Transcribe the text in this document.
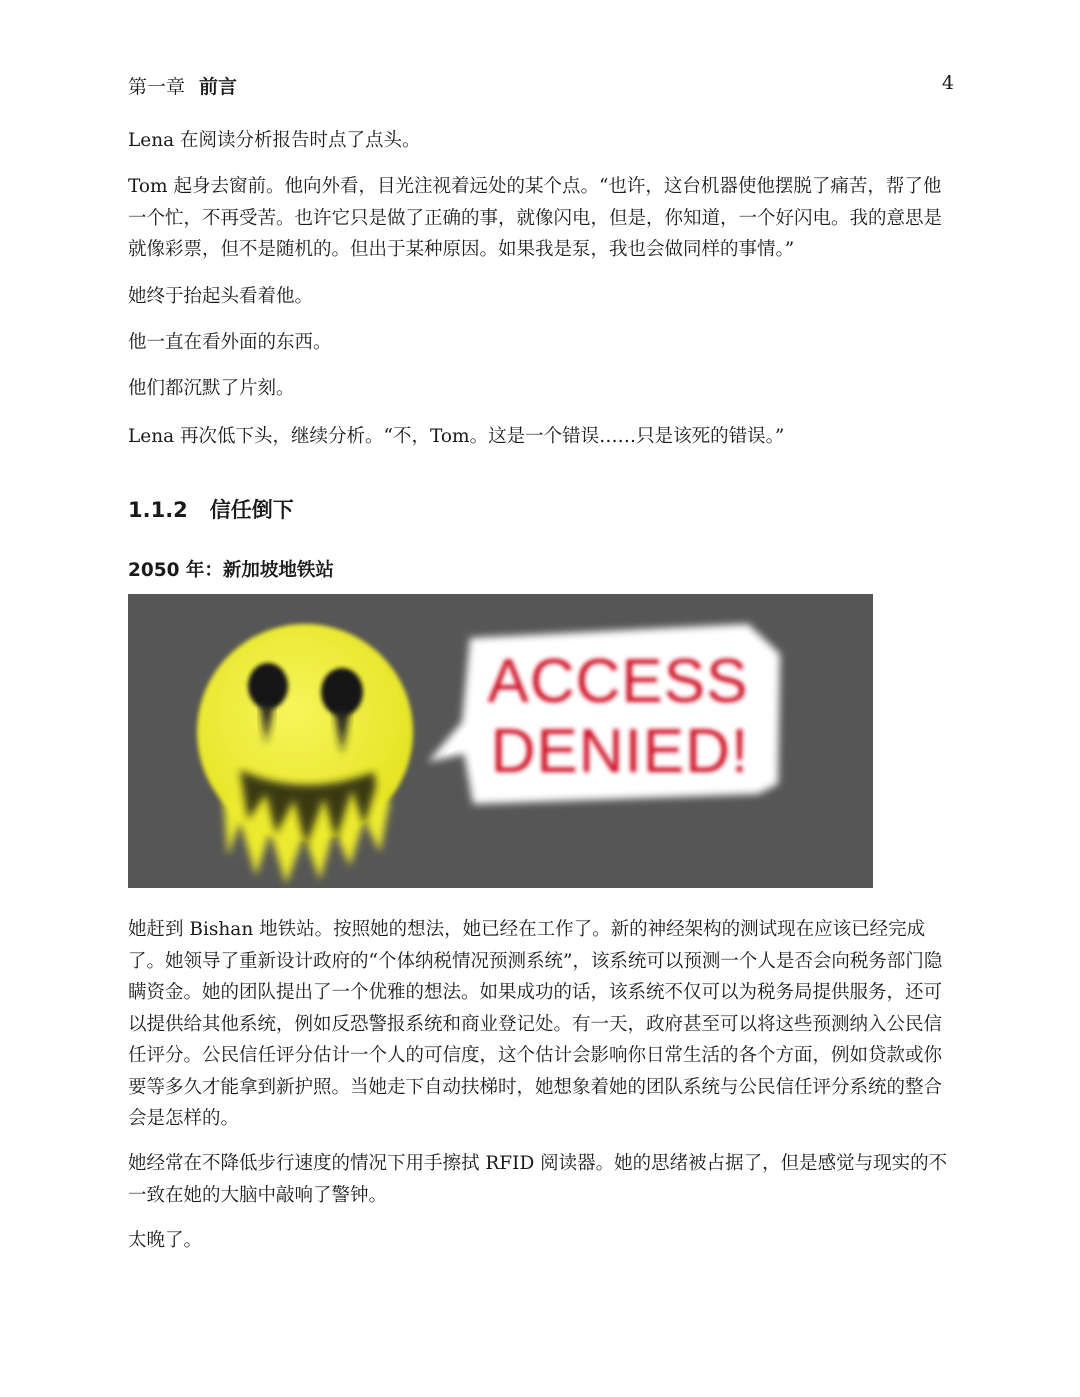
第一章 前言	4

Lena 在阅读分析报告时点了点头。

Tom 起身去窗前。他向外看，目光注视着远处的某个点。“也许，这台机器使他摆脱了痛苦，帮了他一个忙，不再受苦。也许它只是做了正确的事，就像闪电，但是，你知道，一个好闪电。我的意思是就像彩票，但不是随机的。但出于某种原因。如果我是泵，我也会做同样的事情。”

她终于抬起头看着他。

他一直在看外面的东西。

他们都沉默了片刻。

Lena 再次低下头，继续分析。“不，Tom。这是一个错误……只是该死的错误。”

1.1.2 信任倒下
2050 年：新加坡地铁站
ACCESS
DENIED!

她赶到 Bishan 地铁站。按照她的想法，她已经在工作了。新的神经架构的测试现在应该已经完成了。她领导了重新设计政府的“个体纳税情况预测系统”，该系统可以预测一个人是否会向税务部门隐瞒资金。她的团队提出了一个优雅的想法。如果成功的话，该系统不仅可以为税务局提供服务，还可以提供给其他系统，例如反恐警报系统和商业登记处。有一天，政府甚至可以将这些预测纳入公民信任评分。公民信任评分估计一个人的可信度，这个估计会影响你日常生活的各个方面，例如贷款或你要等多久才能拿到新护照。当她走下自动扶梯时，她想象着她的团队系统与公民信任评分系统的整合会是怎样的。

她经常在不降低步行速度的情况下用手擦拭 RFID 阅读器。她的思绪被占据了，但是感觉与现实的不一致在她的大脑中敲响了警钟。

太晚了。
